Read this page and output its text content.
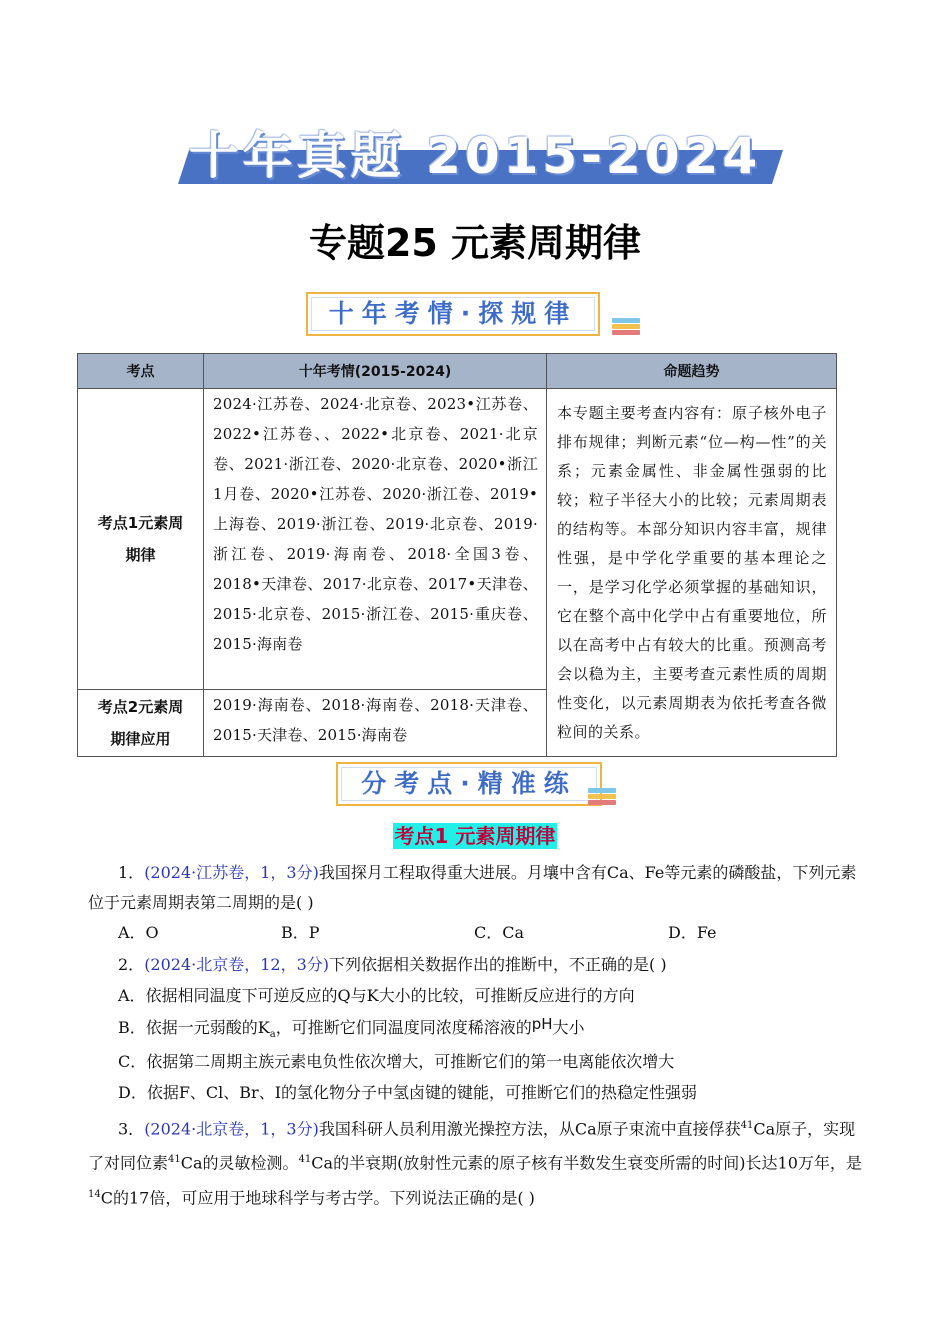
十年真题 2015-2024
专题25 元素周期律
十年考情·探规律
考点	十年考情(2015-2024)	命题趋势

考点1元素周期律	2024·江苏卷、2024·北京卷、2023•江苏卷、2022•江苏卷、、2022•北京卷、2021·北京卷、2021·浙江卷、2020·北京卷、2020•浙江1月卷、2020•江苏卷、2020·浙江卷、2019•上海卷、2019·浙江卷、2019·北京卷、2019·浙江卷、2019·海南卷、2018·全国3卷、2018•天津卷、2017·北京卷、2017•天津卷、2015·北京卷、2015·浙江卷、2015·重庆卷、2015·海南卷	本专题主要考查内容有：原子核外电子排布规律；判断元素“位—构—性”的关系；元素金属性、非金属性强弱的比较；粒子半径大小的比较；元素周期表的结构等。本部分知识内容丰富，规律性强，是中学化学重要的基本理论之一，是学习化学必须掌握的基础知识，它在整个高中化学中占有重要地位，所以在高考中占有较大的比重。预测高考会以稳为主，主要考查元素性质的周期性变化，以元素周期表为依托考查各微粒间的关系。

考点2元素周期律应用	2019·海南卷、2018·海南卷、2018·天津卷、2015·天津卷、2015·海南卷	
分考点·精准练
考点1 元素周期律
1．(2024·江苏卷，1，3分)我国探月工程取得重大进展。月壤中含有Ca、Fe等元素的磷酸盐，下列元素位于元素周期表第二周期的是( )
A．O	B．P	C．Ca	D．Fe
2．(2024·北京卷，12，3分)下列依据相关数据作出的推断中，不正确的是( )
A．依据相同温度下可逆反应的Q与K大小的比较，可推断反应进行的方向
B．依据一元弱酸的$K_a$，可推断它们同温度同浓度稀溶液的pH大小
C．依据第二周期主族元素电负性依次增大，可推断它们的第一电离能依次增大
D．依据F、Cl、Br、I的氢化物分子中氢卤键的键能，可推断它们的热稳定性强弱
3．(2024·北京卷，1，3分)我国科研人员利用激光操控方法，从Ca原子束流中直接俘获$^{41}$Ca原子，实现了对同位素$^{41}$Ca的灵敏检测。$^{41}$Ca的半衰期(放射性元素的原子核有半数发生衰变所需的时间)长达10万年，是$^{14}$C的17倍，可应用于地球科学与考古学。下列说法正确的是( )
